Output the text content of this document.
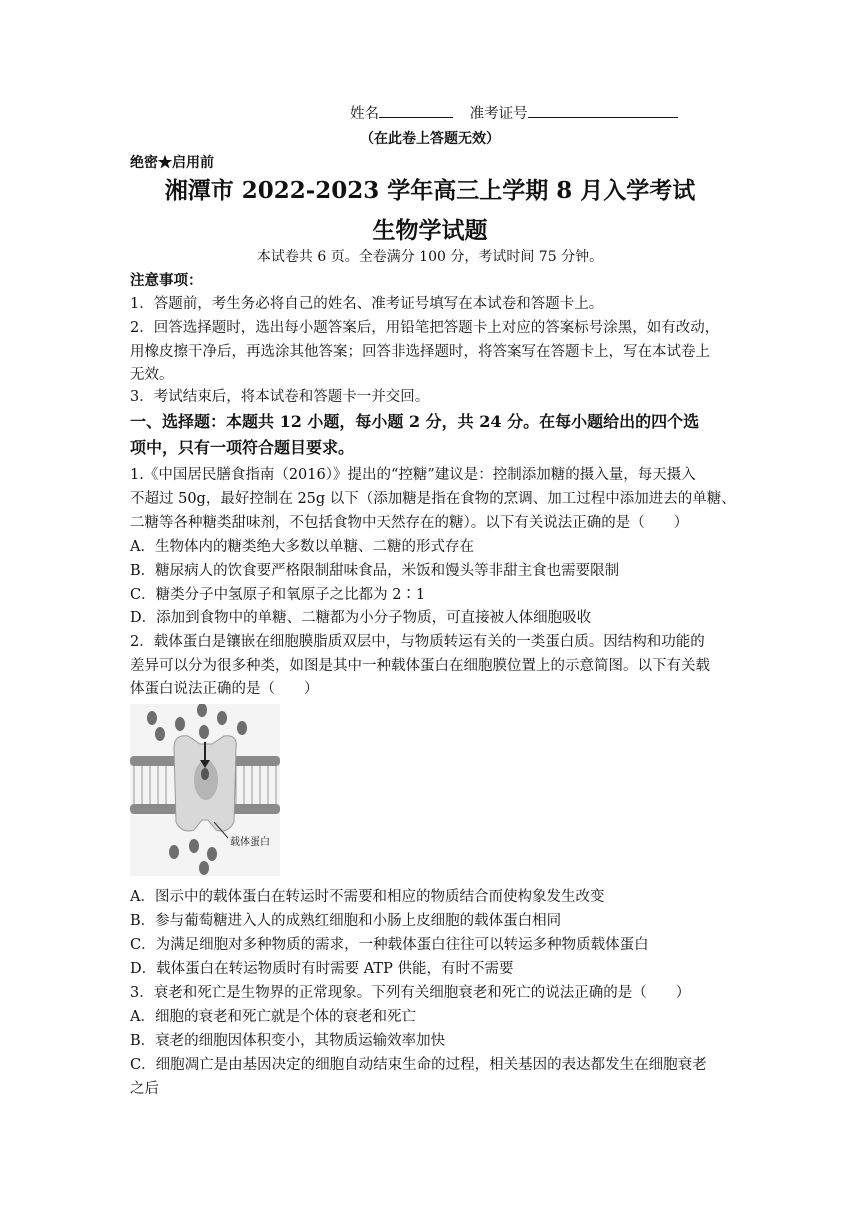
姓名	准考证号
（在此卷上答题无效）
绝密★启用前
湘潭市 2022-2023 学年高三上学期 8 月入学考试
生物学试题
本试卷共 6 页。全卷满分 100 分，考试时间 75 分钟。
注意事项：
1．答题前，考生务必将自己的姓名、准考证号填写在本试卷和答题卡上。
2．回答选择题时，选出每小题答案后，用铅笔把答题卡上对应的答案标号涂黑，如有改动，
用橡皮擦干净后，再选涂其他答案；回答非选择题时，将答案写在答题卡上，写在本试卷上
无效。
3．考试结束后，将本试卷和答题卡一并交回。
一、选择题：本题共 12 小题，每小题 2 分，共 24 分。在每小题给出的四个选
项中，只有一项符合题目要求。
1.《中国居民膳食指南（2016）》提出的“控糖”建议是：控制添加糖的摄入量，每天摄入
不超过 50g，最好控制在 25g 以下（添加糖是指在食物的烹调、加工过程中添加进去的单糖、
二糖等各种糖类甜味剂，不包括食物中天然存在的糖）。以下有关说法正确的是（　　）
A．生物体内的糖类绝大多数以单糖、二糖的形式存在
B．糖尿病人的饮食要严格限制甜味食品，米饭和馒头等非甜主食也需要限制
C．糖类分子中氢原子和氧原子之比都为 2∶1
D．添加到食物中的单糖、二糖都为小分子物质，可直接被人体细胞吸收
2．载体蛋白是镶嵌在细胞膜脂质双层中，与物质转运有关的一类蛋白质。因结构和功能的
差异可以分为很多种类，如图是其中一种载体蛋白在细胞膜位置上的示意简图。以下有关载
体蛋白说法正确的是（　　）
载体蛋白
A．图示中的载体蛋白在转运时不需要和相应的物质结合而使构象发生改变
B．参与葡萄糖进入人的成熟红细胞和小肠上皮细胞的载体蛋白相同
C．为满足细胞对多种物质的需求，一种载体蛋白往往可以转运多种物质载体蛋白
D．载体蛋白在转运物质时有时需要 ATP 供能，有时不需要
3．衰老和死亡是生物界的正常现象。下列有关细胞衰老和死亡的说法正确的是（　　）
A．细胞的衰老和死亡就是个体的衰老和死亡
B．衰老的细胞因体积变小，其物质运输效率加快
C．细胞凋亡是由基因决定的细胞自动结束生命的过程，相关基因的表达都发生在细胞衰老
之后
